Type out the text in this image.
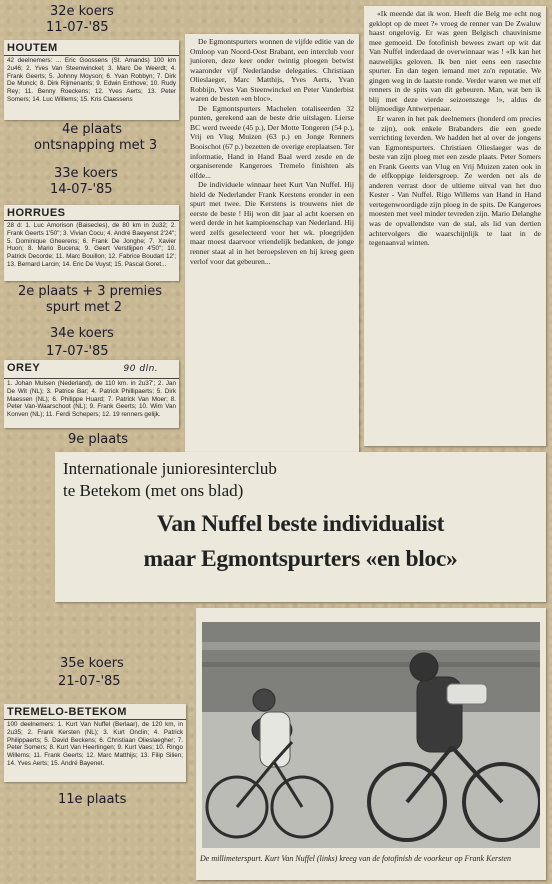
32e koers
11-07-'85
HOUTEM
42 deelnemers: ... Eric Goossens (St. Amands) 100 km 2u46; 2. Yves Van Steenwinckel; 3. Marc De Weerdt; 4. Frank Geerts; 5. Johnny Moyson; 6. Yvan Robbyn; 7. Dirk De Munck; 8. Dirk Rijmenants; 9. Edwin Enthove; 10. Rudy Rey; 11. Benny Roeckens; 12. Yves Aerts; 13. Peter Somers; 14. Luc Willems; 15. Kris Claessens
4e plaats
ontsnapping met 3
33e koers
14-07-'85
HORRUES
28 d: 1. Luc Amorison (Baisecles), de 80 km in 2u32; 2. Frank Geerts 1'50"; 3. Vivian Cocu; 4. André Baeyenst 2'24"; 5. Dominique Gheerens; 6. Frank De Jonghe; 7. Xavier Huon; 8. Mario Bucena; 9. Geert Verstlijpen 4'50"; 10. Patrick Decorde; 11. Marc Bouillon; 12. Fabrice Boudart 12'; 13. Bernard Larcin; 14. Eric De Vuyst; 15. Pascal Goret...
2e plaats + 3 premies
spurt met 2
34e koers
17-07-'85
OREY	90 dln.
1. Johan Mulsen (Nederland), de 110 km. in 2u37'; 2. Jan De Wit (NL); 3. Patrice Bar; 4. Patrick Phillipaerts; 5. Dirk Maessen (NL); 6. Philippe Huard; 7. Patrick Van Moer; 8. Peter Van-Waarschoot (NL); 9. Frank Geerts; 10. Wim Van Konven (NL); 11. Ferdi Schepers; 12. 19 renners gelijk.
9e plaats

De Egmontspurters wonnen de vijfde editie van de Omloop van Noord-Oost Brabant, een interclub voor junioren, deze keer onder twintig ploegen betwist waaronder vijf Nederlandse delegaties. Christiaan Olieslaeger, Marc Matthijs, Yves Aerts, Yvan Robbijn, Yves Van Steenwinckel en Peter Vanderbist waren de besten «en bloc».

De Egmontspurters Machelen totaliseerden 32 punten, gerekend aan de beste drie uitslagen. Lierse BC werd tweede (45 p.), Der Motte Tongeren (54 p.), Vrij en Vlug Muizen (63 p.) en Jonge Renners Booischot (67 p.) bezetten de overige ereplaatsen. Ter informatie, Hand in Hand Baal werd zesde en de organiserende Kangeroes Tremelo finishten als elfde...

De individuele winnaar heet Kurt Van Nuffel. Hij hield de Nederlander Frank Kerstens eronder in een spurt met twee. Die Kerstens is trouwens niet de eerste de beste ! Hij won dit jaar al acht koersen en werd derde in het kampioenschap van Nederland. Hij werd zelfs geselecteerd voor het wk. ploegrijden maar moest daarvoor vriendelijk bedanken, de jonge renner staat al in het beroepsleven en hij kreeg geen verlof voor dat gebeuren...

«Ik meende dat ik won. Heeft die Belg me echt nog geklopt op de meet ?» vroeg de renner van De Zwaluw haast ongelovig. Er was geen Belgisch chauvinisme mee gemoeid. De fotofinish bewees zwart op wit dat Van Nuffel inderdaad de overwinnaar was ! «Ik kan het nauwelijks geloven. Ik ben niet eens een rasechte spurter. En dan tegen iemand met zo'n reputatie. We gingen weg in de laatste ronde. Verder waren we met elf renners in de spits van dit gebeuren. Man, wat ben ik blij met deze vierde seizoenszege !», aldus de blijmoedige Antwerpenaar.

Er waren in het pak deelnemers (honderd om precies te zijn), ook enkele Brabanders die een goede verrichting leverden. We hadden het al over de jongens van Egmontspurters. Christiaen Olieslaeger was de beste van zijn ploeg met een zesde plaats. Peter Somers en Frank Geerts van Vlug en Vrij Muizen zaten ook in de elfkoppige leidersgroep. Ze werden net als de anderen verrast door de ultieme uitval van het duo Kester - Van Nuffel. Rigo Willems van Hand in Hand vertegenwoordigde zijn ploeg in de spits. De Kangeroes moesten met veel minder tevreden zijn. Mario Delanghe was de opvallendste van de stal, als lid van dertien achtervolgers die waarschijnlijk te laat in de tegenaanval winten.

Internationale junioresinterclub
te Betekom (met ons blad)
Van Nuffel beste individualist
maar Egmontspurters «en bloc»
35e koers
21-07-'85
TREMELO-BETEKOM
100 deelnemers: 1. Kurt Van Nuffel (Berlaar), de 120 km, in 2u35; 2. Frank Kersten (NL); 3. Kurt Onclin; 4. Patrick Philippaerts; 5. David Beckens; 6. Christiaan Olieslaegher; 7. Peter Somers; 8. Kurt Van Heertingen; 9. Kurt Vaes; 10. Ringo Willems; 11. Frank Geerts; 12. Marc Matthijs; 13. Filip Silien; 14. Yves Aerts; 15. André Bayenet.
11e plaats
De millimeterspurt. Kurt Van Nuffel (links) kreeg van de fotofinish de voorkeur op Frank Kersten
